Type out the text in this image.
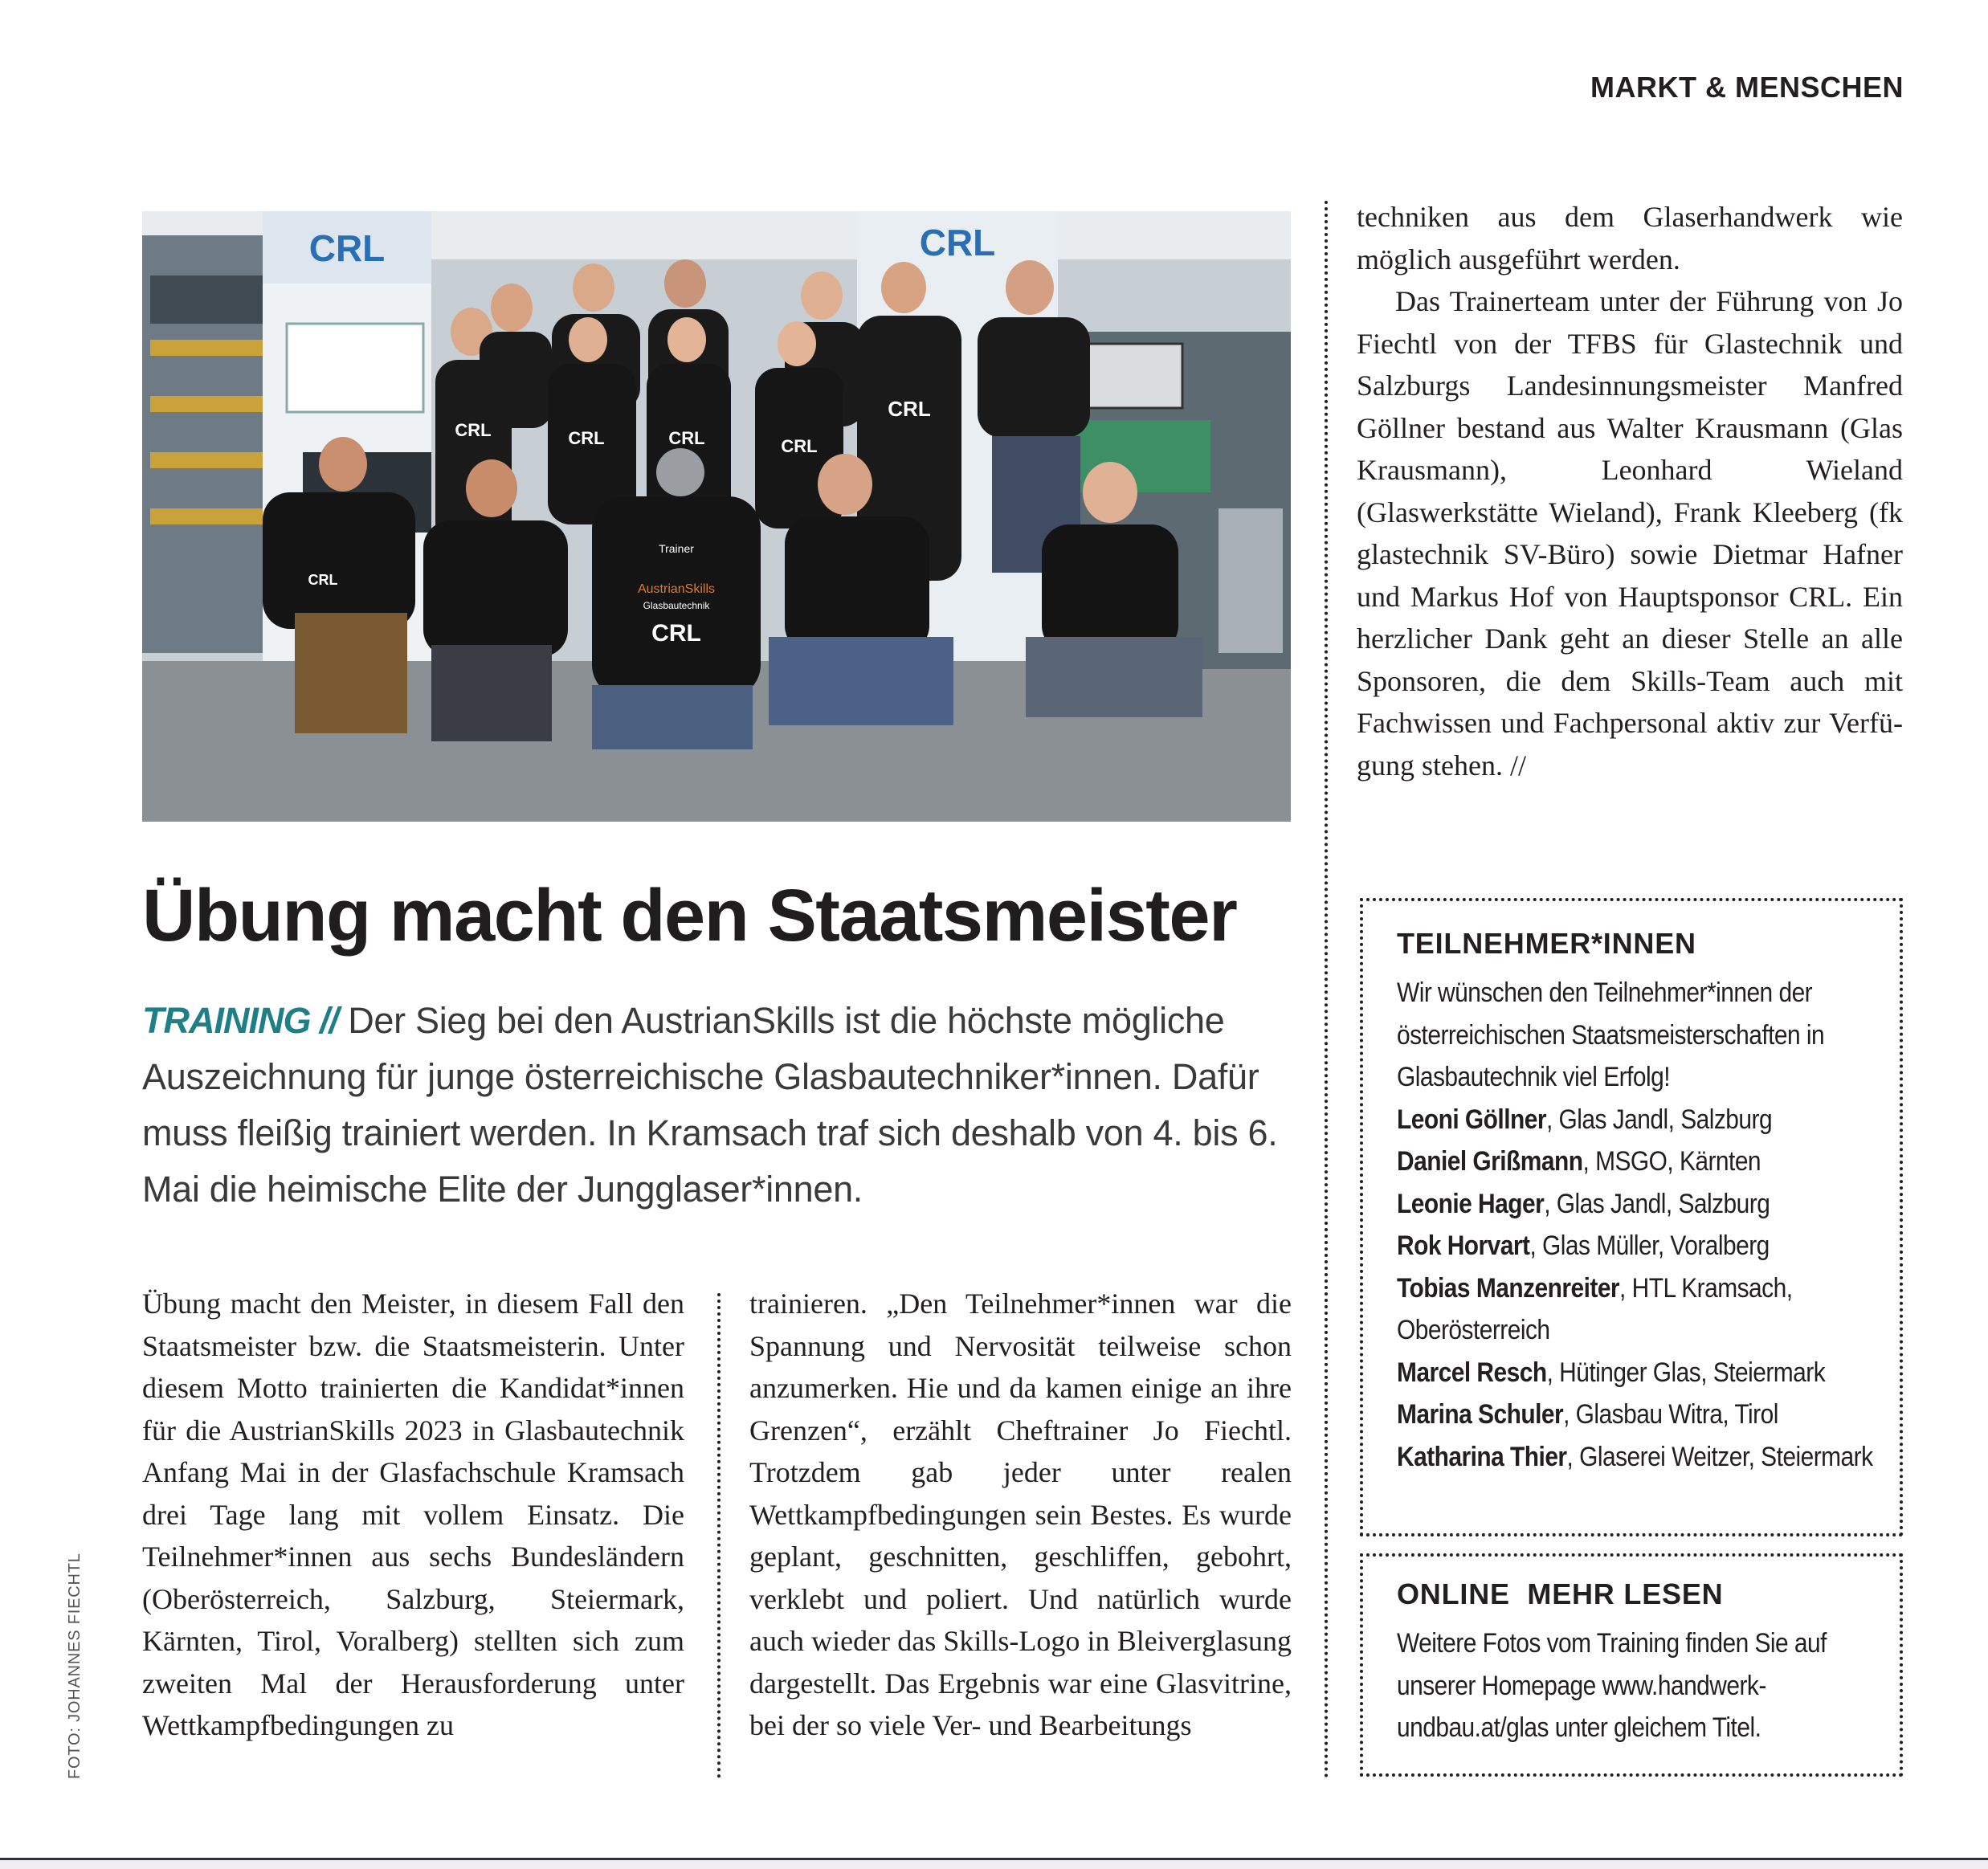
MARKT & MENSCHEN

CRL	CRL
CRL	CRL	CRL	CRL
CRL
CRL
Trainer
AustrianSkills
Glasbautechnik
CRL

FOTO: JOHANNES FIECHTL

Übung macht den Staatsmeister

TRAINING // Der Sieg bei den AustrianSkills ist die höchste mögliche Auszeichnung für junge österreichische Glasbautechniker*innen. Dafür muss fleißig trainiert werden. In Kramsach traf sich deshalb von 4. bis 6. Mai die heimische Elite der Jungglaser*innen.

Übung macht den Meister, in diesem Fall den Staatsmeister bzw. die Staatsmeisterin. Unter diesem Motto trainierten die Kandidat*innen für die AustrianSkills 2023 in Glasbautechnik Anfang Mai in der Glasfachschule Kramsach drei Tage lang mit vollem Einsatz. Die Teilnehmer*innen aus sechs Bundesländern (Oberösterreich, Salzburg, Steiermark, Kärnten, Tirol, Voralberg) stellten sich zum zweiten Mal der Herausforderung unter Wettkampfbedingungen zu

trainieren. „Den Teilnehmer*innen war die Spannung und Nervosität teilweise schon anzumerken. Hie und da kamen einige an ihre Grenzen“, erzählt Cheftrainer Jo Fiechtl. Trotzdem gab jeder unter realen Wettkampfbedingungen sein Bestes. Es wurde geplant, geschnitten, geschliffen, gebohrt, verklebt und poliert. Und natürlich wurde auch wieder das Skills-Logo in Bleiverglasung dargestellt. Das Ergebnis war eine Glasvitrine, bei der so viele Ver- und Bearbeitungs

techniken aus dem Glaserhandwerk wie möglich ausgeführt werden.

Das Trainerteam unter der Führung von Jo Fiechtl von der TFBS für Glastechnik und Salzburgs Landesinnungsmeister Manfred Göllner bestand aus Walter Krausmann (Glas Krausmann), Leonhard Wieland (Glaswerkstätte Wieland), Frank Kleeberg (fk glastechnik SV-Büro) sowie Dietmar Hafner und Markus Hof von Hauptsponsor CRL. Ein herzlicher Dank geht an dieser Stelle an alle Sponsoren, die dem Skills-Team auch mit Fachwissen und Fachpersonal aktiv zur Verfügung stehen. //

TEILNEHMER*INNEN

Wir wünschen den Teilnehmer*innen der österreichischen Staatsmeisterschaften in Glasbautechnik viel Erfolg!

Leoni Göllner, Glas Jandl, Salzburg

Daniel Grißmann, MSGO, Kärnten

Leonie Hager, Glas Jandl, Salzburg

Rok Horvart, Glas Müller, Voralberg

Tobias Manzenreiter, HTL Kramsach, Oberösterreich

Marcel Resch, Hütinger Glas, Steiermark

Marina Schuler, Glasbau Witra, Tirol

Katharina Thier, Glaserei Weitzer, Steiermark

ONLINE  MEHR LESEN

Weitere Fotos vom Training finden Sie auf unserer Homepage www.handwerkundbau.at/glas unter gleichem Titel.
